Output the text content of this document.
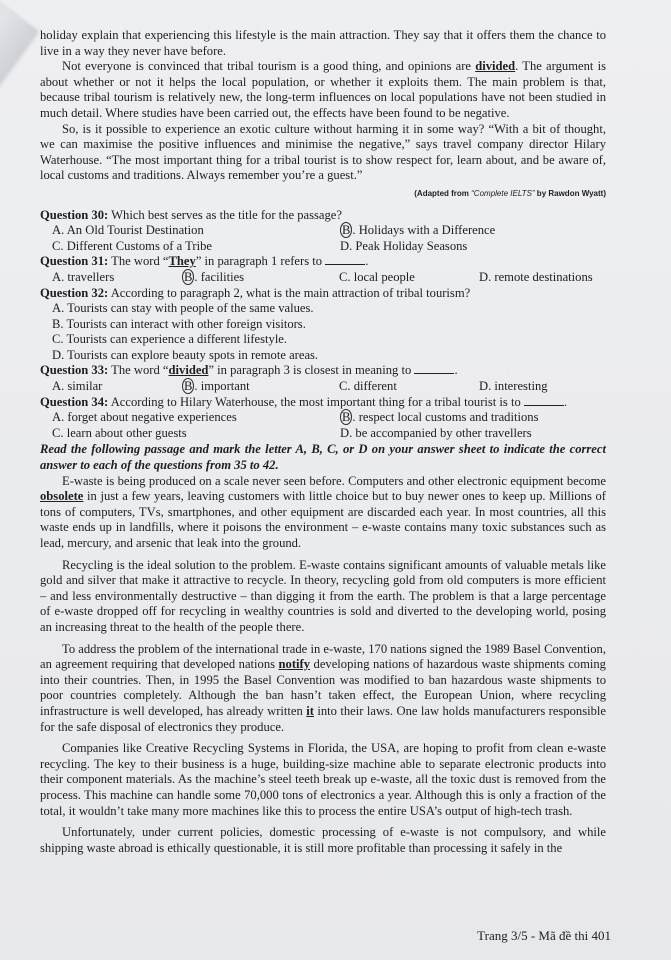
holiday explain that experiencing this lifestyle is the main attraction. They say that it offers them the chance to live in a way they never have before.

Not everyone is convinced that tribal tourism is a good thing, and opinions are divided. The argument is about whether or not it helps the local population, or whether it exploits them. The main problem is that, because tribal tourism is relatively new, the long-term influences on local populations have not been studied in much detail. Where studies have been carried out, the effects have been found to be negative.

So, is it possible to experience an exotic culture without harming it in some way? “With a bit of thought, we can maximise the positive influences and minimise the negative,” says travel company director Hilary Waterhouse. “The most important thing for a tribal tourist is to show respect for, learn about, and be aware of, local customs and traditions. Always remember you’re a guest.”

(Adapted from “Complete IELTS” by Rawdon Wyatt)
Question 30: Which best serves as the title for the passage?
A. An Old Tourist Destination	B . Holidays with a Difference
C. Different Customs of a Tribe	D. Peak Holiday Seasons
Question 31: The word “They” in paragraph 1 refers to	.
A. travellers	B . facilities	C. local people	D. remote destinations
Question 32: According to paragraph 2, what is the main attraction of tribal tourism?
A. Tourists can stay with people of the same values.
B. Tourists can interact with other foreign visitors.
C. Tourists can experience a different lifestyle.
D. Tourists can explore beauty spots in remote areas.
Question 33: The word “divided” in paragraph 3 is closest in meaning to	.
A. similar	B . important	C. different	D. interesting
Question 34: According to Hilary Waterhouse, the most important thing for a tribal tourist is to	.
A. forget about negative experiences	B . respect local customs and traditions
C. learn about other guests	D. be accompanied by other travellers

Read the following passage and mark the letter A, B, C, or D on your answer sheet to indicate the correct answer to each of the questions from 35 to 42.

E-waste is being produced on a scale never seen before. Computers and other electronic equipment become obsolete in just a few years, leaving customers with little choice but to buy newer ones to keep up. Millions of tons of computers, TVs, smartphones, and other equipment are discarded each year. In most countries, all this waste ends up in landfills, where it poisons the environment – e-waste contains many toxic substances such as lead, mercury, and arsenic that leak into the ground.

Recycling is the ideal solution to the problem. E-waste contains significant amounts of valuable metals like gold and silver that make it attractive to recycle. In theory, recycling gold from old computers is more efficient – and less environmentally destructive – than digging it from the earth. The problem is that a large percentage of e-waste dropped off for recycling in wealthy countries is sold and diverted to the developing world, posing an increasing threat to the health of the people there.

To address the problem of the international trade in e-waste, 170 nations signed the 1989 Basel Convention, an agreement requiring that developed nations notify developing nations of hazardous waste shipments coming into their countries. Then, in 1995 the Basel Convention was modified to ban hazardous waste shipments to poor countries completely. Although the ban hasn’t taken effect, the European Union, where recycling infrastructure is well developed, has already written it into their laws. One law holds manufacturers responsible for the safe disposal of electronics they produce.

Companies like Creative Recycling Systems in Florida, the USA, are hoping to profit from clean e-waste recycling. The key to their business is a huge, building-size machine able to separate electronic products into their component materials. As the machine’s steel teeth break up e-waste, all the toxic dust is removed from the process. This machine can handle some 70,000 tons of electronics a year. Although this is only a fraction of the total, it wouldn’t take many more machines like this to process the entire USA’s output of high-tech trash.

Unfortunately, under current policies, domestic processing of e-waste is not compulsory, and while shipping waste abroad is ethically questionable, it is still more profitable than processing it safely in the

Trang 3/5 - Mã đề thi 401
